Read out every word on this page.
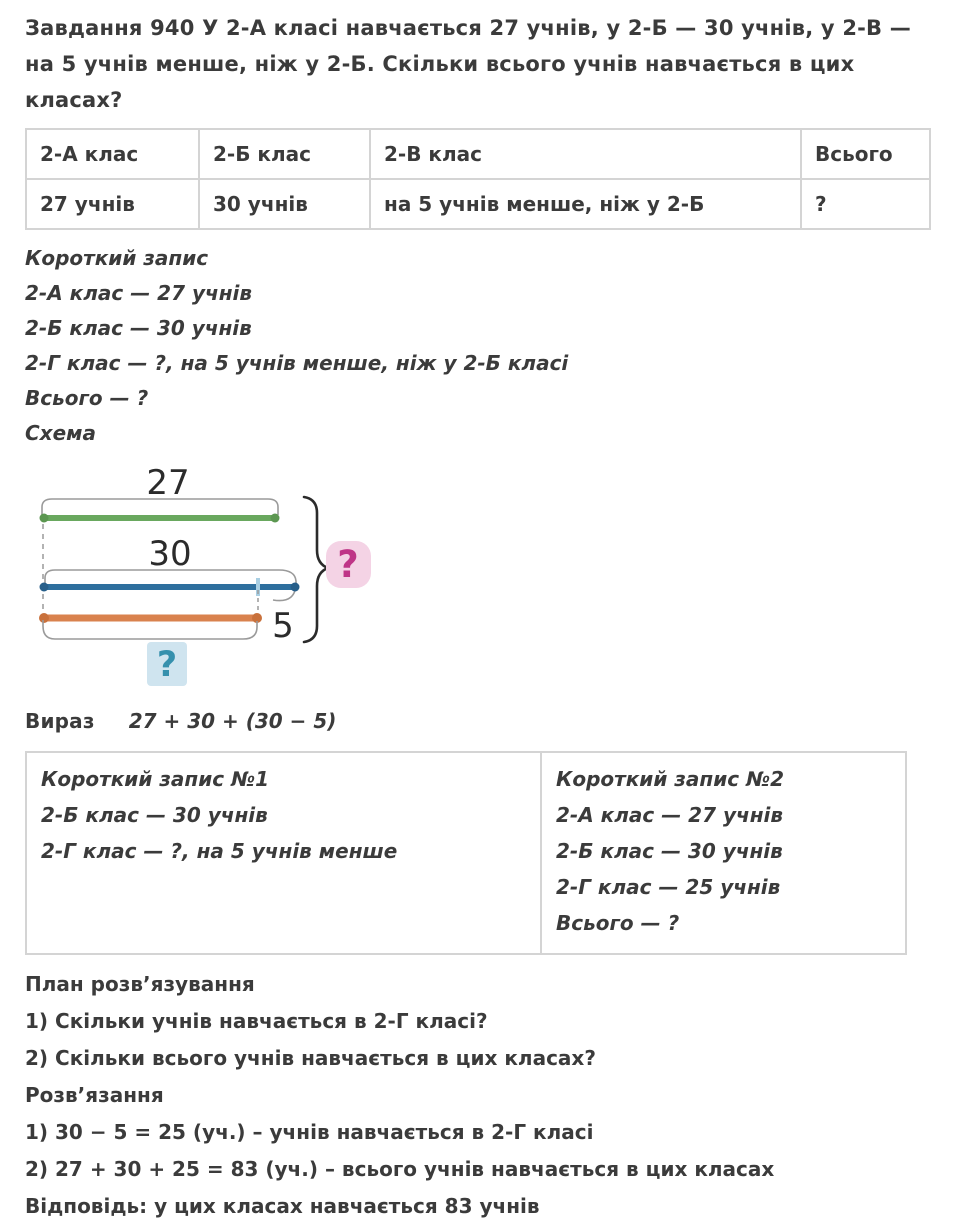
Завдання 940 У 2-А класі навчається 27 учнів, у 2-Б — 30 учнів, у 2-В — на 5 учнів менше, ніж у 2-Б. Скільки всього учнів навчається в цих класах?

2-А клас	2-Б клас	2-В клас	Всього
27 учнів	30 учнів	на 5 учнів менше, ніж у 2-Б	?

Короткий запис

2-А клас — 27 учнів

2-Б клас — 30 учнів

2-Г клас — ?, на 5 учнів менше, ніж у 2-Б класі

Всього — ?

Схема

27
30
5
?
?

Вираз 27 + 30 + (30 − 5)

Короткий запис №1

2-Б клас — 30 учнів

2-Г клас — ?, на 5 учнів менше

Короткий запис №2

2-А клас — 27 учнів

2-Б клас — 30 учнів

2-Г клас — 25 учнів

Всього — ?

План розв’язування

1) Скільки учнів навчається в 2-Г класі?

2) Скільки всього учнів навчається в цих класах?

Розв’язання

1) 30 − 5 = 25 (уч.) – учнів навчається в 2-Г класі

2) 27 + 30 + 25 = 83 (уч.) – всього учнів навчається в цих класах

Відповідь: у цих класах навчається 83 учнів
